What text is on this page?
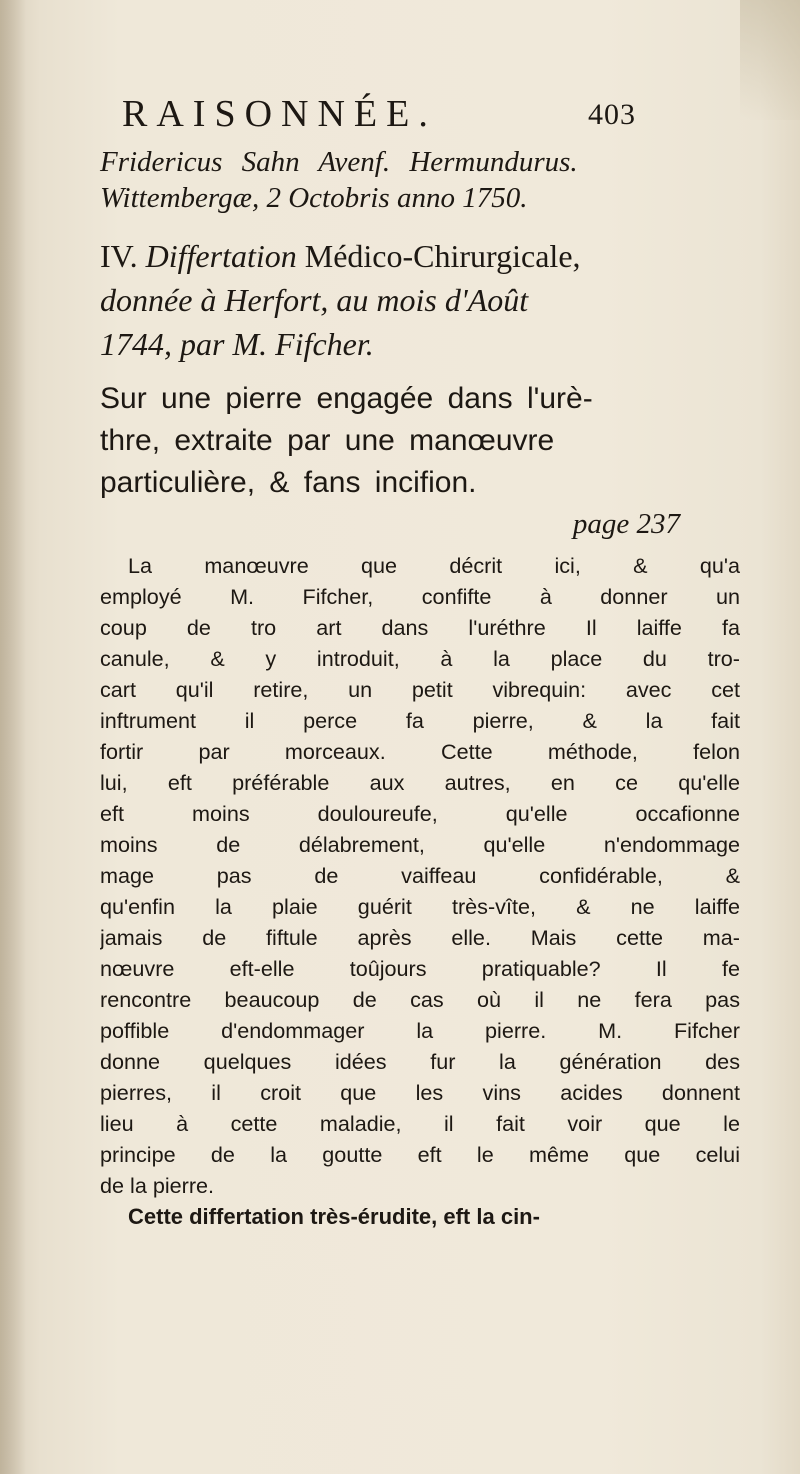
RAISONNÉE.	403

Fridericus Sahn Avenf. Hermundurus.

Wittembergæ, 2 Octobris anno 1750.

IV. Differtation Médico-Chirurgicale,
donnée à Herfort, au mois d'Août
1744, par M. Fifcher.
Sur une pierre engagée dans l'urè-
thre, extraite par une manœuvre
particulière, & fans incifion.

page 237

La manœuvre que décrit ici, & qu'a
employé M. Fifcher, confifte à donner un
coup de tro art dans l'uréthre Il laiffe fa
canule, & y introduit, à la place du tro-
cart qu'il retire, un petit vibrequin: avec cet
inftrument il perce fa pierre, & la fait
fortir par morceaux. Cette méthode, felon
lui, eft préférable aux autres, en ce qu'elle
eft moins douloureufe, qu'elle occafionne
moins de délabrement, qu'elle n'endommage
mage pas de vaiffeau confidérable, &
qu'enfin la plaie guérit très-vîte, & ne laiffe
jamais de fiftule après elle. Mais cette ma-
nœuvre eft-elle toûjours pratiquable? Il fe
rencontre beaucoup de cas où il ne fera pas
poffible d'endommager la pierre. M. Fifcher
donne quelques idées fur la génération des
pierres, il croit que les vins acides donnent
lieu à cette maladie, il fait voir que le
principe de la goutte eft le même que celui
de la pierre.
Cette differtation très-érudite, eft la cin-
